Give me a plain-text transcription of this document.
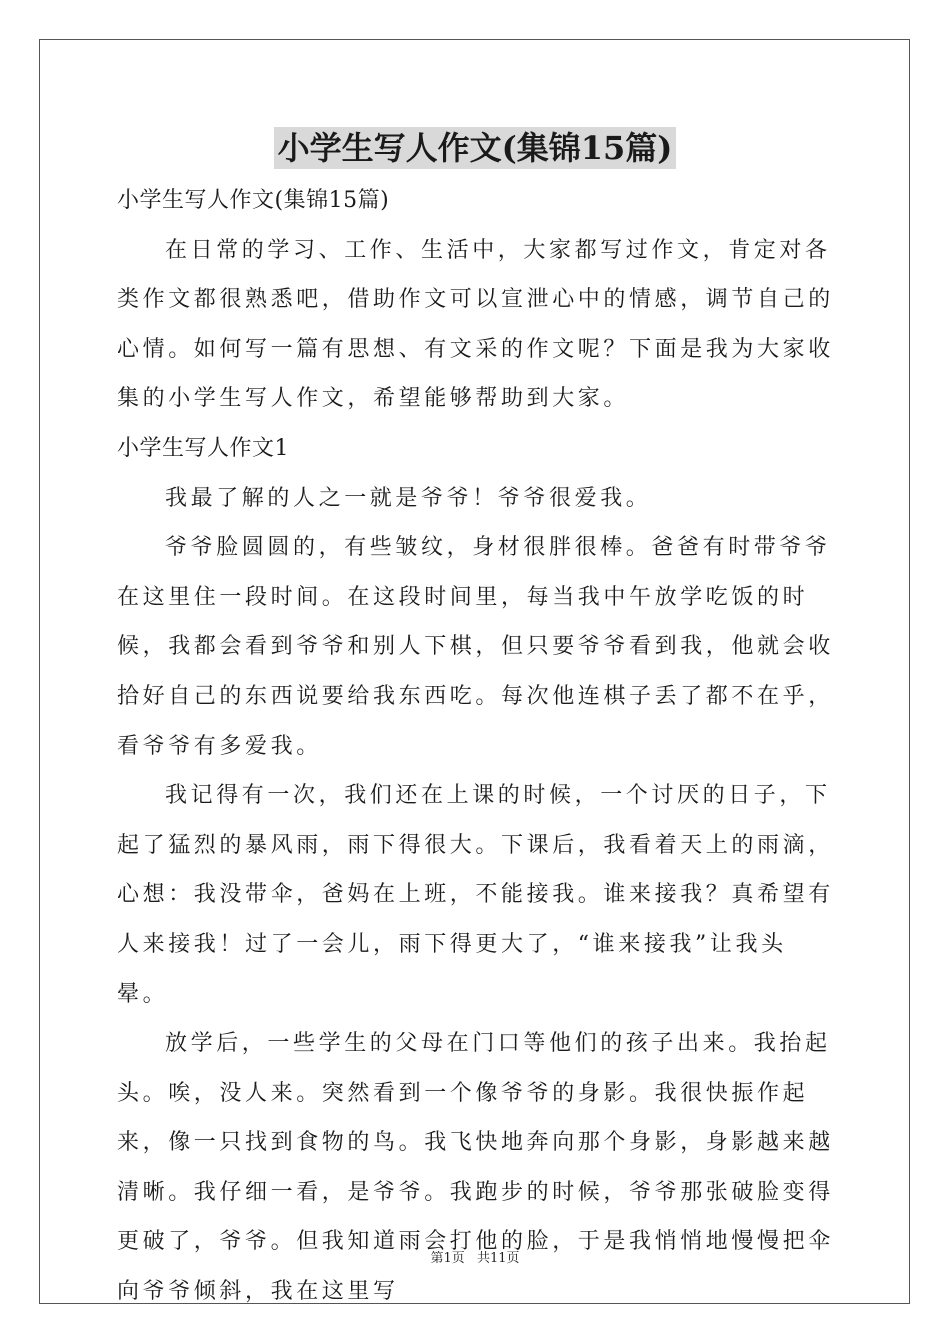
小学生写人作文(集锦15篇)

小学生写人作文(集锦15篇)

在日常的学习、工作、生活中，大家都写过作文，肯定对各类作文都很熟悉吧，借助作文可以宣泄心中的情感，调节自己的心情。如何写一篇有思想、有文采的作文呢？下面是我为大家收集的小学生写人作文，希望能够帮助到大家。

小学生写人作文1

我最了解的人之一就是爷爷！爷爷很爱我。

爷爷脸圆圆的，有些皱纹，身材很胖很棒。爸爸有时带爷爷在这里住一段时间。在这段时间里，每当我中午放学吃饭的时候，我都会看到爷爷和别人下棋，但只要爷爷看到我，他就会收拾好自己的东西说要给我东西吃。每次他连棋子丢了都不在乎，看爷爷有多爱我。

我记得有一次，我们还在上课的时候，一个讨厌的日子，下起了猛烈的暴风雨，雨下得很大。下课后，我看着天上的雨滴，心想：我没带伞，爸妈在上班，不能接我。谁来接我？真希望有人来接我！过了一会儿，雨下得更大了，“谁来接我”让我头晕。

放学后，一些学生的父母在门口等他们的孩子出来。我抬起头。唉，没人来。突然看到一个像爷爷的身影。我很快振作起来，像一只找到食物的鸟。我飞快地奔向那个身影，身影越来越清晰。我仔细一看，是爷爷。我跑步的时候，爷爷那张破脸变得更破了，爷爷。但我知道雨会打他的脸，于是我悄悄地慢慢把伞向爷爷倾斜，我在这里写

第1页 共11页
